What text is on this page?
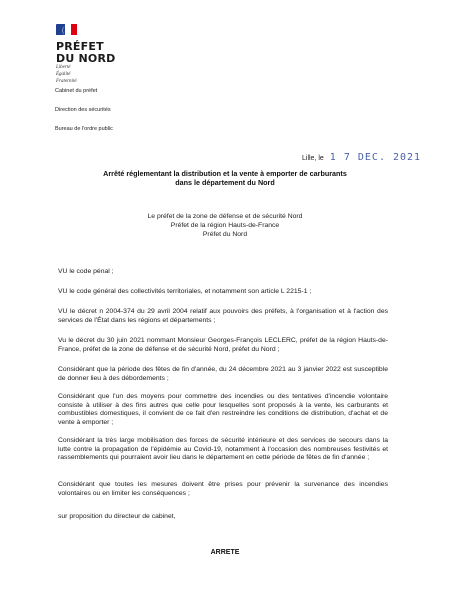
PRÉFET
DU NORD
Liberté
Égalité
Fraternité
Cabinet du préfet
Direction des sécurités
Bureau de l'ordre public
Lille, le 1 7 DEC. 2021
Arrêté réglementant la distribution et la vente à emporter de carburants
dans le département du Nord
Le préfet de la zone de défense et de sécurité Nord
Préfet de la région Hauts-de-France
Préfet du Nord
VU le code pénal ;
VU le code général des collectivités territoriales, et notamment son article L 2215-1 ;
VU le décret n 2004-374 du 29 avril 2004 relatif aux pouvoirs des préfets, à l'organisation et à l'action des services de l'État dans les régions et départements ;
Vu le décret du 30 juin 2021 nommant Monsieur Georges-François LECLERC, préfet de la région Hauts-de-France, préfet de la zone de défense et de sécurité Nord, préfet du Nord ;
Considérant que la période des fêtes de fin d'année, du 24 décembre 2021 au 3 janvier 2022 est susceptible de donner lieu à des débordements ;
Considérant que l'un des moyens pour commettre des incendies ou des tentatives d'incendie volontaire consiste à utiliser à des fins autres que celle pour lesquelles sont proposés à la vente, les carburants et combustibles domestiques, il convient de ce fait d'en restreindre les conditions de distribution, d'achat et de vente à emporter ;
Considérant la très large mobilisation des forces de sécurité intérieure et des services de secours dans la lutte contre la propagation de l'épidémie au Covid-19, notamment à l'occasion des nombreuses festivités et rassemblements qui pourraient avoir lieu dans le département en cette période de fêtes de fin d'année ;
Considérant que toutes les mesures doivent être prises pour prévenir la survenance des incendies volontaires ou en limiter les conséquences ;
sur proposition du directeur de cabinet,
ARRETE
